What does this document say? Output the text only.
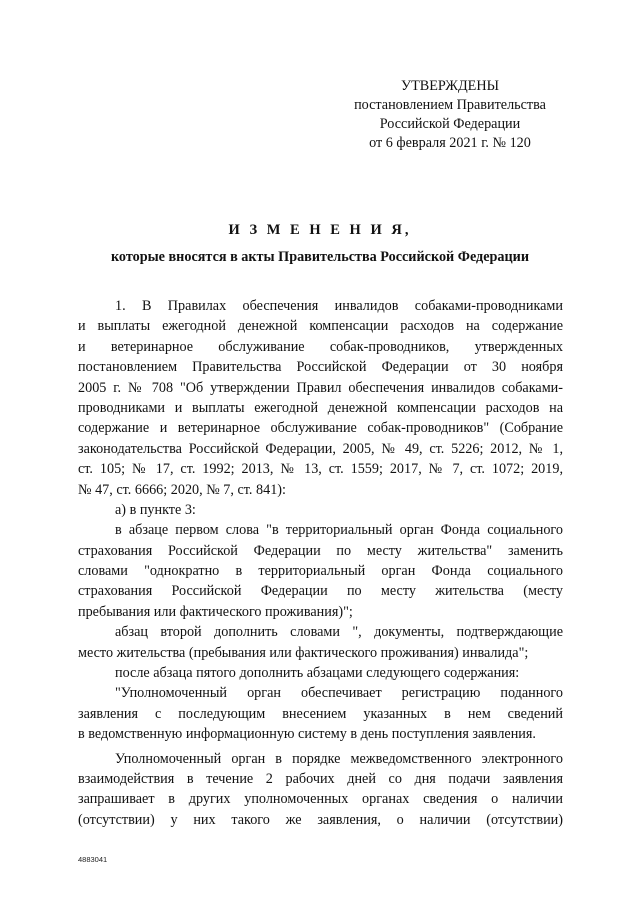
УТВЕРЖДЕНЫ
постановлением Правительства
Российской Федерации
от 6 февраля 2021 г. № 120
И З М Е Н Е Н И Я,
которые вносятся в акты Правительства Российской Федерации
1. В Правилах обеспечения инвалидов собаками-проводниками
и выплаты ежегодной денежной компенсации расходов на содержание
и ветеринарное обслуживание собак-проводников, утвержденных
постановлением Правительства Российской Федерации от 30 ноября
2005 г. № 708 "Об утверждении Правил обеспечения инвалидов собаками-
проводниками и выплаты ежегодной денежной компенсации расходов на
содержание и ветеринарное обслуживание собак-проводников" (Собрание
законодательства Российской Федерации, 2005, № 49, ст. 5226; 2012, № 1,
ст. 105; № 17, ст. 1992; 2013, № 13, ст. 1559; 2017, № 7, ст. 1072; 2019,
№ 47, ст. 6666; 2020, № 7, ст. 841):
а) в пункте 3:
в абзаце первом слова "в территориальный орган Фонда социального
страхования Российской Федерации по месту жительства" заменить
словами "однократно в территориальный орган Фонда социального
страхования Российской Федерации по месту жительства (месту
пребывания или фактического проживания)";
абзац второй дополнить словами ", документы, подтверждающие
место жительства (пребывания или фактического проживания) инвалида";
после абзаца пятого дополнить абзацами следующего содержания:
"Уполномоченный орган обеспечивает регистрацию поданного
заявления с последующим внесением указанных в нем сведений
в ведомственную информационную систему в день поступления заявления.
Уполномоченный орган в порядке межведомственного электронного
взаимодействия в течение 2 рабочих дней со дня подачи заявления
запрашивает в других уполномоченных органах сведения о наличии
(отсутствии) у них такого же заявления, о наличии (отсутствии)
4883041
